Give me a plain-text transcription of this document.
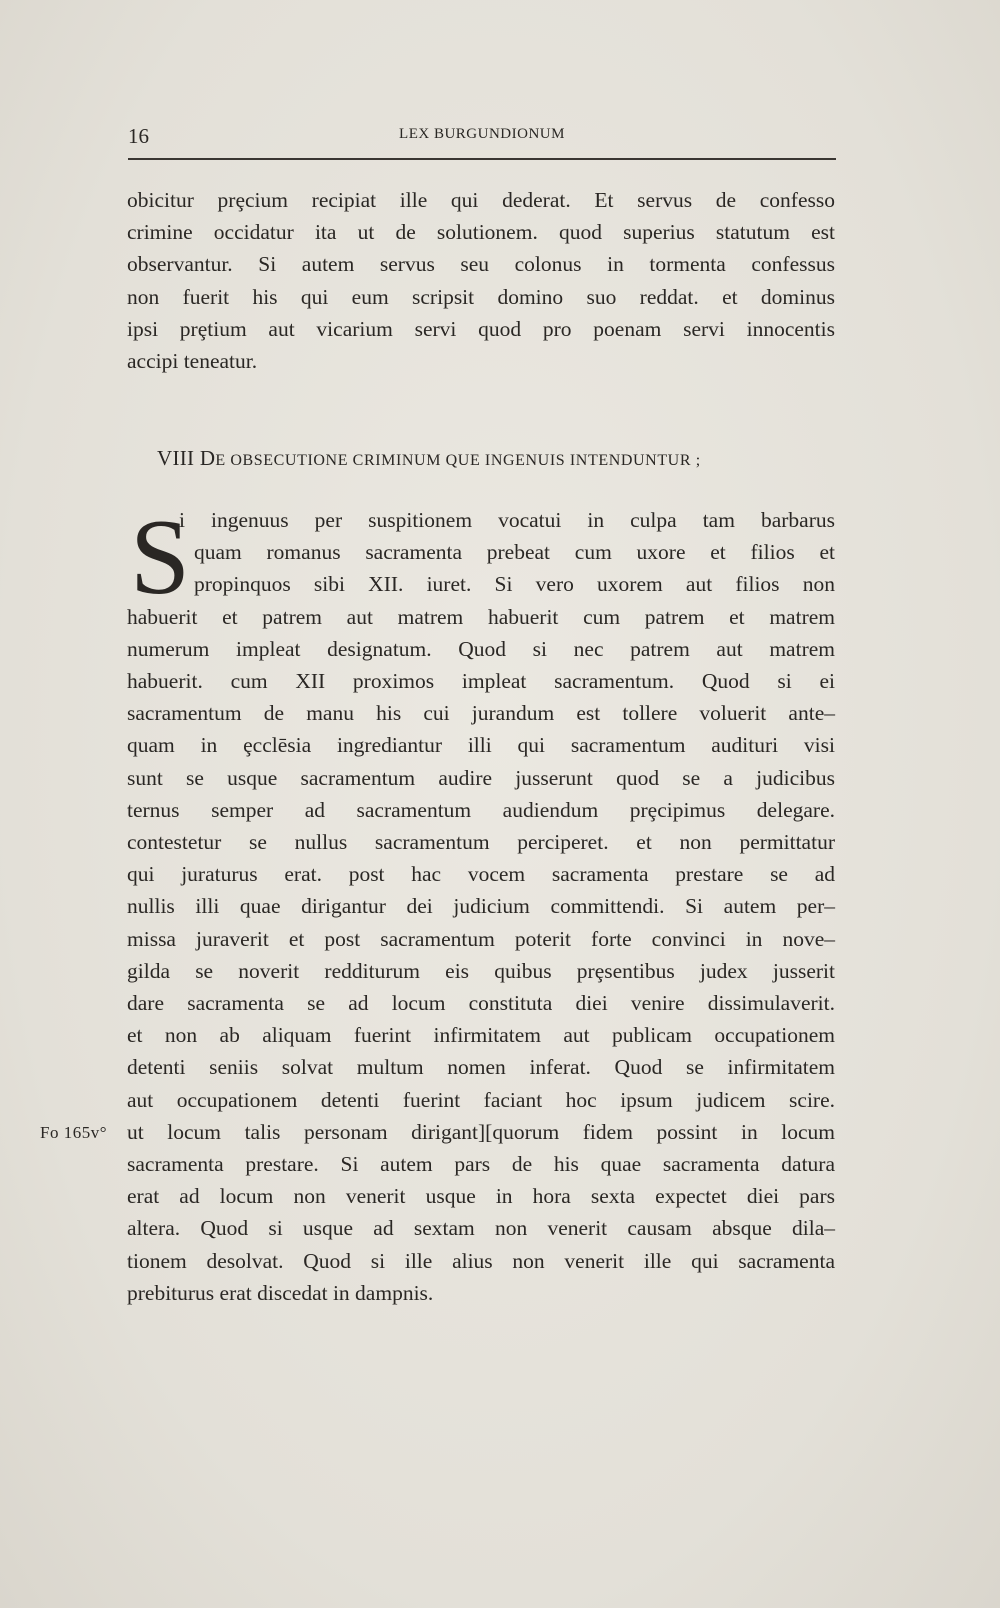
16	LEX BURGUNDIONUM
obicitur prȩcium recipiat ille qui dederat. Et servus de confesso
crimine occidatur ita ut de solutionem. quod superius statutum est
observantur. Si autem servus seu colonus in tormenta confessus
non fuerit his qui eum scripsit domino suo reddat. et dominus
ipsi prȩtium aut vicarium servi quod pro poenam servi innocentis
accipi teneatur.
VIII DE OBSECUTIONE CRIMINUM QUE INGENUIS INTENDUNTUR ;
S
i ingenuus per suspitionem vocatui in culpa tam barbarus
quam romanus sacramenta prebeat cum uxore et filios et
propinquos sibi XII. iuret. Si vero uxorem aut filios non
habuerit et patrem aut matrem habuerit cum patrem et matrem
numerum impleat designatum. Quod si nec patrem aut matrem
habuerit. cum XII proximos impleat sacramentum. Quod si ei
sacramentum de manu his cui jurandum est tollere voluerit ante–
quam in ȩcclēsia ingrediantur illi qui sacramentum audituri visi
sunt se usque sacramentum audire jusserunt quod se a judicibus
ternus semper ad sacramentum audiendum prȩcipimus delegare.
contestetur se nullus sacramentum perciperet. et non permittatur
qui juraturus erat. post hac vocem sacramenta prestare se ad
nullis illi quae dirigantur dei judicium committendi. Si autem per–
missa juraverit et post sacramentum poterit forte convinci in nove–
gilda se noverit redditurum eis quibus prȩsentibus judex jusserit
dare sacramenta se ad locum constituta diei venire dissimulaverit.
et non ab aliquam fuerint infirmitatem aut publicam occupationem
detenti seniis solvat multum nomen inferat. Quod se infirmitatem
aut occupationem detenti fuerint faciant hoc ipsum judicem scire.
ut locum talis personam dirigant][quorum fidem possint in locum
sacramenta prestare. Si autem pars de his quae sacramenta datura
erat ad locum non venerit usque in hora sexta expectet diei pars
altera. Quod si usque ad sextam non venerit causam absque dila–
tionem desolvat. Quod si ille alius non venerit ille qui sacramenta
prebiturus erat discedat in dampnis.
Fo 165v°
